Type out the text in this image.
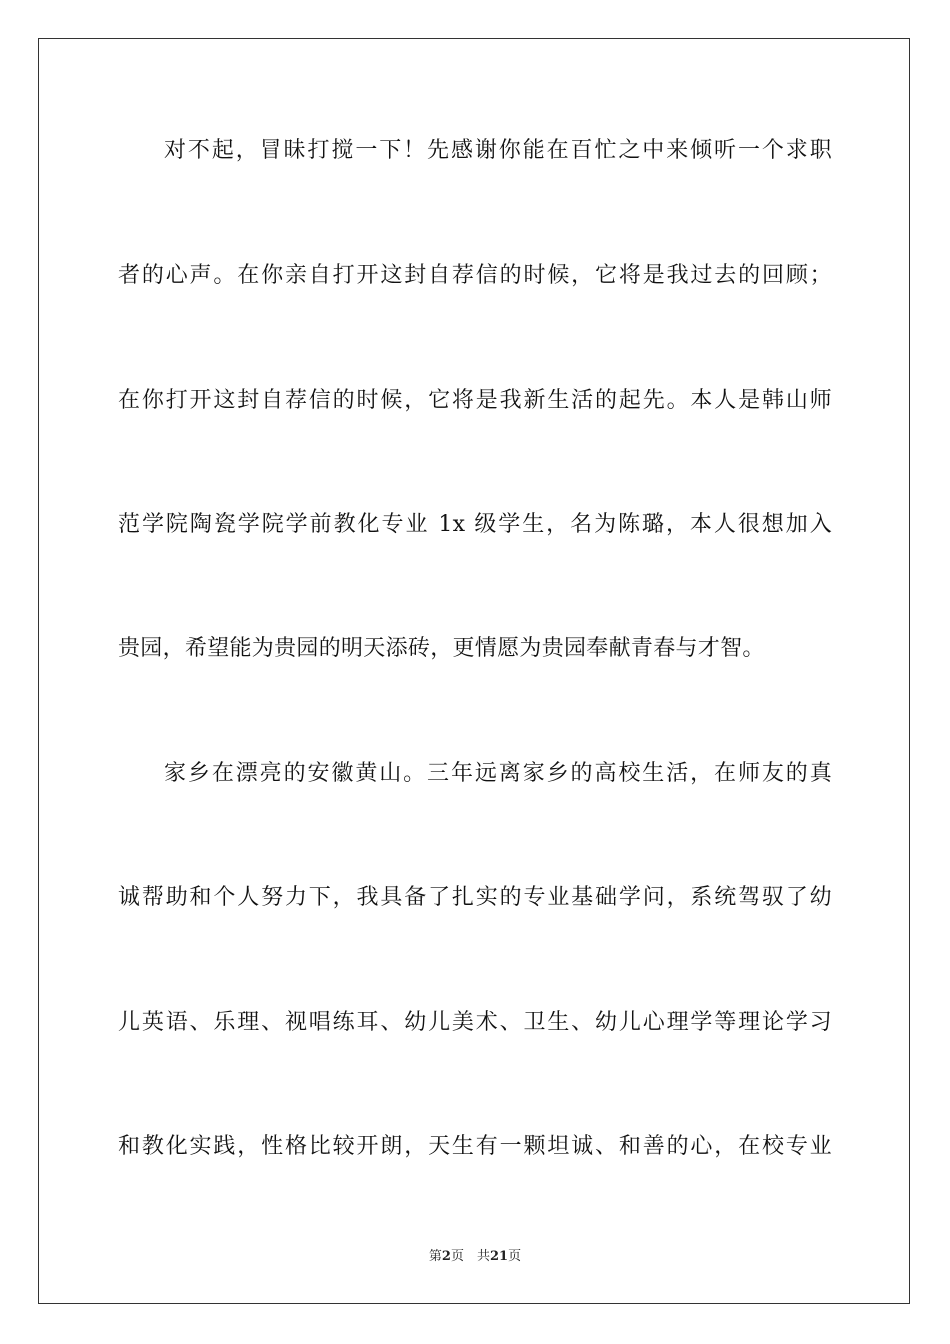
对不起，冒昧打搅一下！先感谢你能在百忙之中来倾听一个求职
者的心声。在你亲自打开这封自荐信的时候，它将是我过去的回顾；
在你打开这封自荐信的时候，它将是我新生活的起先。本人是韩山师
范学院陶瓷学院学前教化专业 1x 级学生，名为陈璐，本人很想加入
贵园，希望能为贵园的明天添砖，更情愿为贵园奉献青春与才智。
家乡在漂亮的安徽黄山。三年远离家乡的高校生活，在师友的真
诚帮助和个人努力下，我具备了扎实的专业基础学问，系统驾驭了幼
儿英语、乐理、视唱练耳、幼儿美术、卫生、幼儿心理学等理论学习
和教化实践，性格比较开朗，天生有一颗坦诚、和善的心，在校专业
第2页　共21页
